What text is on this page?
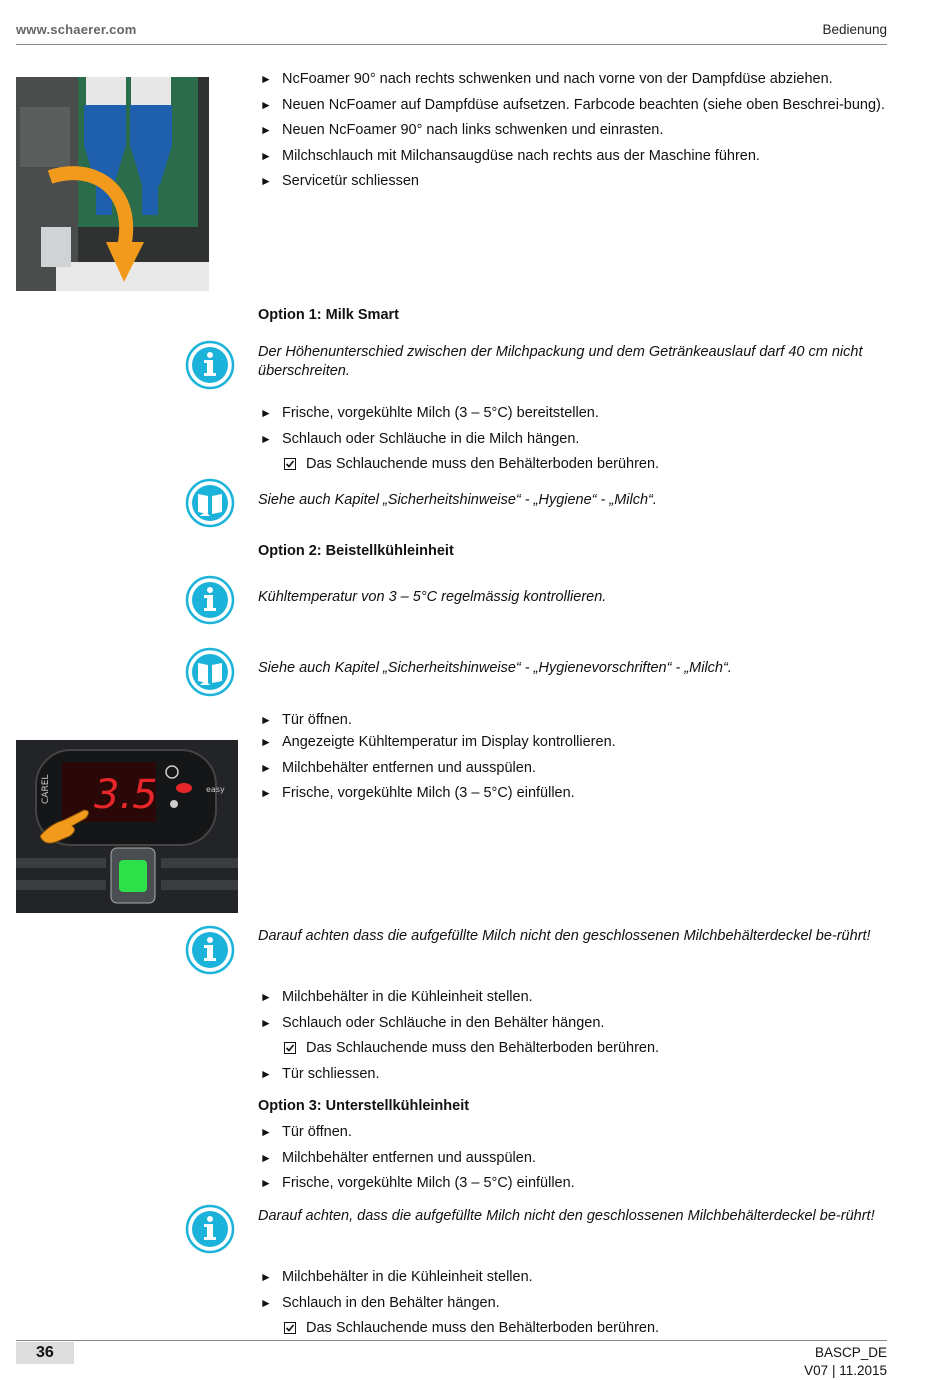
www.schaerer.com	Bedienung
► NcFoamer 90° nach rechts schwenken und nach vorne von der Dampfdüse abziehen.
► Neuen NcFoamer auf Dampfdüse aufsetzen. Farbcode beachten (siehe oben Beschrei-bung).
► Neuen NcFoamer 90° nach links schwenken und einrasten.
► Milchschlauch mit Milchansaugdüse nach rechts aus der Maschine führen.
► Servicetür schliessen
Option 1: Milk Smart
Der Höhenunterschied zwischen der Milchpackung und dem Getränkeauslauf darf 40 cm nicht überschreiten.
► Frische, vorgekühlte Milch (3 – 5°C) bereitstellen.
► Schlauch oder Schläuche in die Milch hängen.
Das Schlauchende muss den Behälterboden berühren.
Siehe auch Kapitel „Sicherheitshinweise“ - „Hygiene“ - „Milch“.
Option 2: Beistellkühleinheit
Kühltemperatur von 3 – 5°C regelmässig kontrollieren.
Siehe auch Kapitel „Sicherheitshinweise“ - „Hygienevorschriften“ - „Milch“.
► Tür öffnen.
► Angezeigte Kühltemperatur im Display kontrollieren.
► Milchbehälter entfernen und ausspülen.
► Frische, vorgekühlte Milch (3 – 5°C) einfüllen.
CAREL 3.5	easy
Darauf achten dass die aufgefüllte Milch nicht den geschlossenen Milchbehälterdeckel be-rührt!
► Milchbehälter in die Kühleinheit stellen.
► Schlauch oder Schläuche in den Behälter hängen.
Das Schlauchende muss den Behälterboden berühren.
► Tür schliessen.
Option 3: Unterstellkühleinheit
► Tür öffnen.
► Milchbehälter entfernen und ausspülen.
► Frische, vorgekühlte Milch (3 – 5°C) einfüllen.
Darauf achten, dass die aufgefüllte Milch nicht den geschlossenen Milchbehälterdeckel be-rührt!
► Milchbehälter in die Kühleinheit stellen.
► Schlauch in den Behälter hängen.
Das Schlauchende muss den Behälterboden berühren.
36	BASCP_DE
V07 | 11.2015
